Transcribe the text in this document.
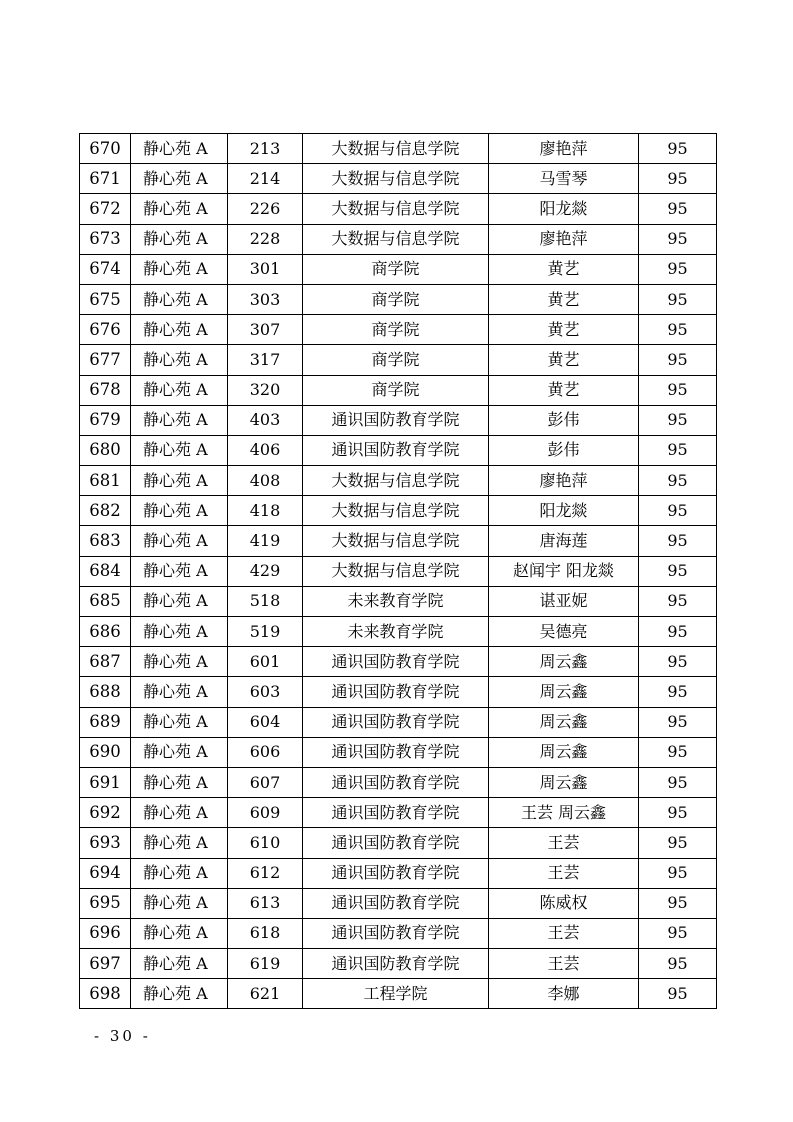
670	静心苑 A	213	大数据与信息学院	廖艳萍	95
671	静心苑 A	214	大数据与信息学院	马雪琴	95
672	静心苑 A	226	大数据与信息学院	阳龙燚	95
673	静心苑 A	228	大数据与信息学院	廖艳萍	95
674	静心苑 A	301	商学院	黄艺	95
675	静心苑 A	303	商学院	黄艺	95
676	静心苑 A	307	商学院	黄艺	95
677	静心苑 A	317	商学院	黄艺	95
678	静心苑 A	320	商学院	黄艺	95
679	静心苑 A	403	通识国防教育学院	彭伟	95
680	静心苑 A	406	通识国防教育学院	彭伟	95
681	静心苑 A	408	大数据与信息学院	廖艳萍	95
682	静心苑 A	418	大数据与信息学院	阳龙燚	95
683	静心苑 A	419	大数据与信息学院	唐海莲	95
684	静心苑 A	429	大数据与信息学院	赵闻宇 阳龙燚	95
685	静心苑 A	518	未来教育学院	谌亚妮	95
686	静心苑 A	519	未来教育学院	吴德亮	95
687	静心苑 A	601	通识国防教育学院	周云鑫	95
688	静心苑 A	603	通识国防教育学院	周云鑫	95
689	静心苑 A	604	通识国防教育学院	周云鑫	95
690	静心苑 A	606	通识国防教育学院	周云鑫	95
691	静心苑 A	607	通识国防教育学院	周云鑫	95
692	静心苑 A	609	通识国防教育学院	王芸 周云鑫	95
693	静心苑 A	610	通识国防教育学院	王芸	95
694	静心苑 A	612	通识国防教育学院	王芸	95
695	静心苑 A	613	通识国防教育学院	陈威权	95
696	静心苑 A	618	通识国防教育学院	王芸	95
697	静心苑 A	619	通识国防教育学院	王芸	95
698	静心苑 A	621	工程学院	李娜	95
- 30 -
